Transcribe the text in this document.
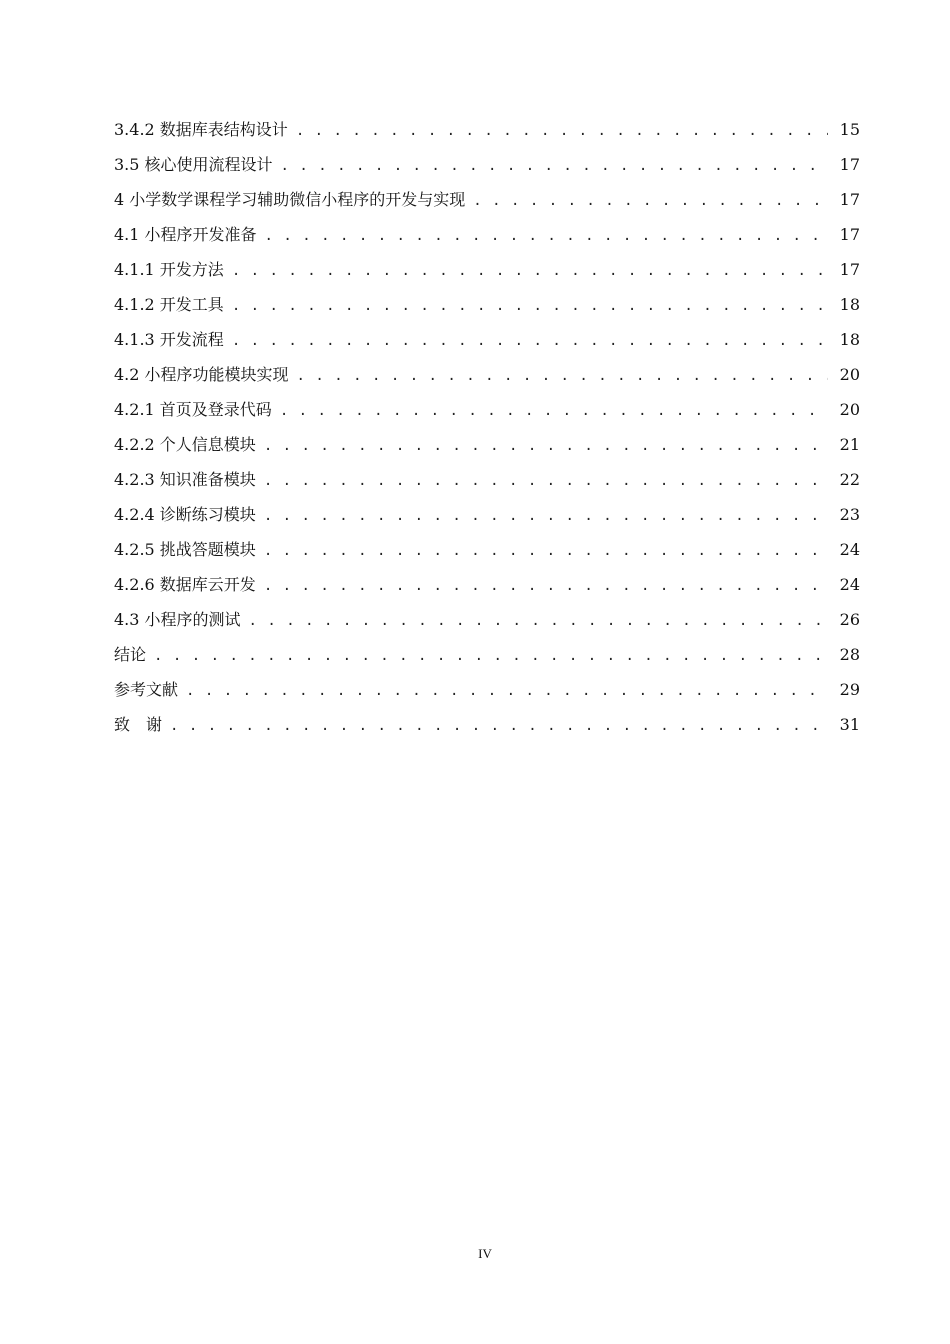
3.4.2 数据库表结构设计 . . .	15
3.5 核心使用流程设计 . . .	17
4 小学数学课程学习辅助微信小程序的开发与实现 . . .	17
4.1 小程序开发准备 . . .	17
4.1.1 开发方法 . . .	17
4.1.2 开发工具 . . .	18
4.1.3 开发流程 . . .	18
4.2 小程序功能模块实现 . . .	20
4.2.1 首页及登录代码 . . .	20
4.2.2 个人信息模块 . . .	21
4.2.3 知识准备模块 . . .	22
4.2.4 诊断练习模块 . . .	23
4.2.5 挑战答题模块 . . .	24
4.2.6 数据库云开发 . . .	24
4.3 小程序的测试 . . .	26
结论 . . .	28
参考文献 . . .	29
致　谢 . . .	31
IV
